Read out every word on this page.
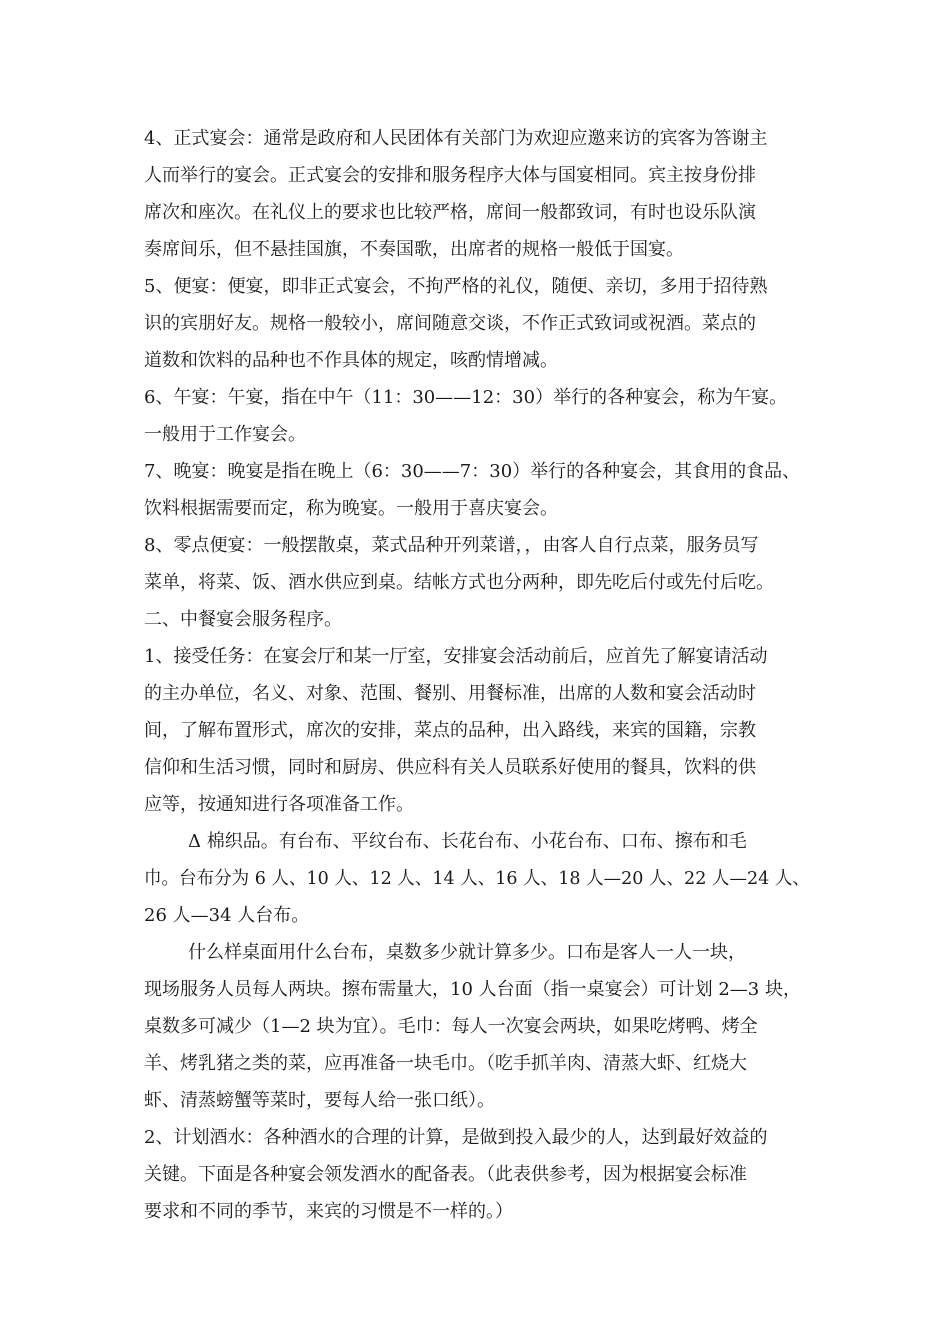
4、正式宴会：通常是政府和人民团体有关部门为欢迎应邀来访的宾客为答谢主
人而举行的宴会。正式宴会的安排和服务程序大体与国宴相同。宾主按身份排
席次和座次。在礼仪上的要求也比较严格，席间一般都致词，有时也设乐队演
奏席间乐，但不悬挂国旗，不奏国歌，出席者的规格一般低于国宴。
5、便宴：便宴，即非正式宴会，不拘严格的礼仪，随便、亲切，多用于招待熟
识的宾朋好友。规格一般较小，席间随意交谈，不作正式致词或祝酒。菜点的
道数和饮料的品种也不作具体的规定，咳酌情增减。
6、午宴：午宴，指在中午（11：30——12：30）举行的各种宴会，称为午宴。
一般用于工作宴会。
7、晚宴：晚宴是指在晚上（6：30——7：30）举行的各种宴会，其食用的食品、
饮料根据需要而定，称为晚宴。一般用于喜庆宴会。
8、零点便宴：一般摆散桌，菜式品种开列菜谱，，由客人自行点菜，服务员写
菜单，将菜、饭、酒水供应到桌。结帐方式也分两种，即先吃后付或先付后吃。
二、中餐宴会服务程序。
1、接受任务：在宴会厅和某一厅室，安排宴会活动前后，应首先了解宴请活动
的主办单位，名义、对象、范围、餐别、用餐标准，出席的人数和宴会活动时
间，了解布置形式，席次的安排，菜点的品种，出入路线，来宾的国籍，宗教
信仰和生活习惯，同时和厨房、供应科有关人员联系好使用的餐具，饮料的供
应等，按通知进行各项准备工作。
Δ 棉织品。有台布、平纹台布、长花台布、小花台布、口布、擦布和毛
巾。台布分为 6 人、10 人、12 人、14 人、16 人、18 人—20 人、22 人—24 人、
26 人—34 人台布。
什么样桌面用什么台布，桌数多少就计算多少。口布是客人一人一块，
现场服务人员每人两块。擦布需量大，10 人台面（指一桌宴会）可计划 2—3 块，
桌数多可减少（1—2 块为宜）。毛巾：每人一次宴会两块，如果吃烤鸭、烤全
羊、烤乳猪之类的菜，应再准备一块毛巾。（吃手抓羊肉、清蒸大虾、红烧大
虾、清蒸螃蟹等菜时，要每人给一张口纸）。
2、计划酒水：各种酒水的合理的计算，是做到投入最少的人，达到最好效益的
关键。下面是各种宴会领发酒水的配备表。（此表供参考，因为根据宴会标准
要求和不同的季节，来宾的习惯是不一样的。）
